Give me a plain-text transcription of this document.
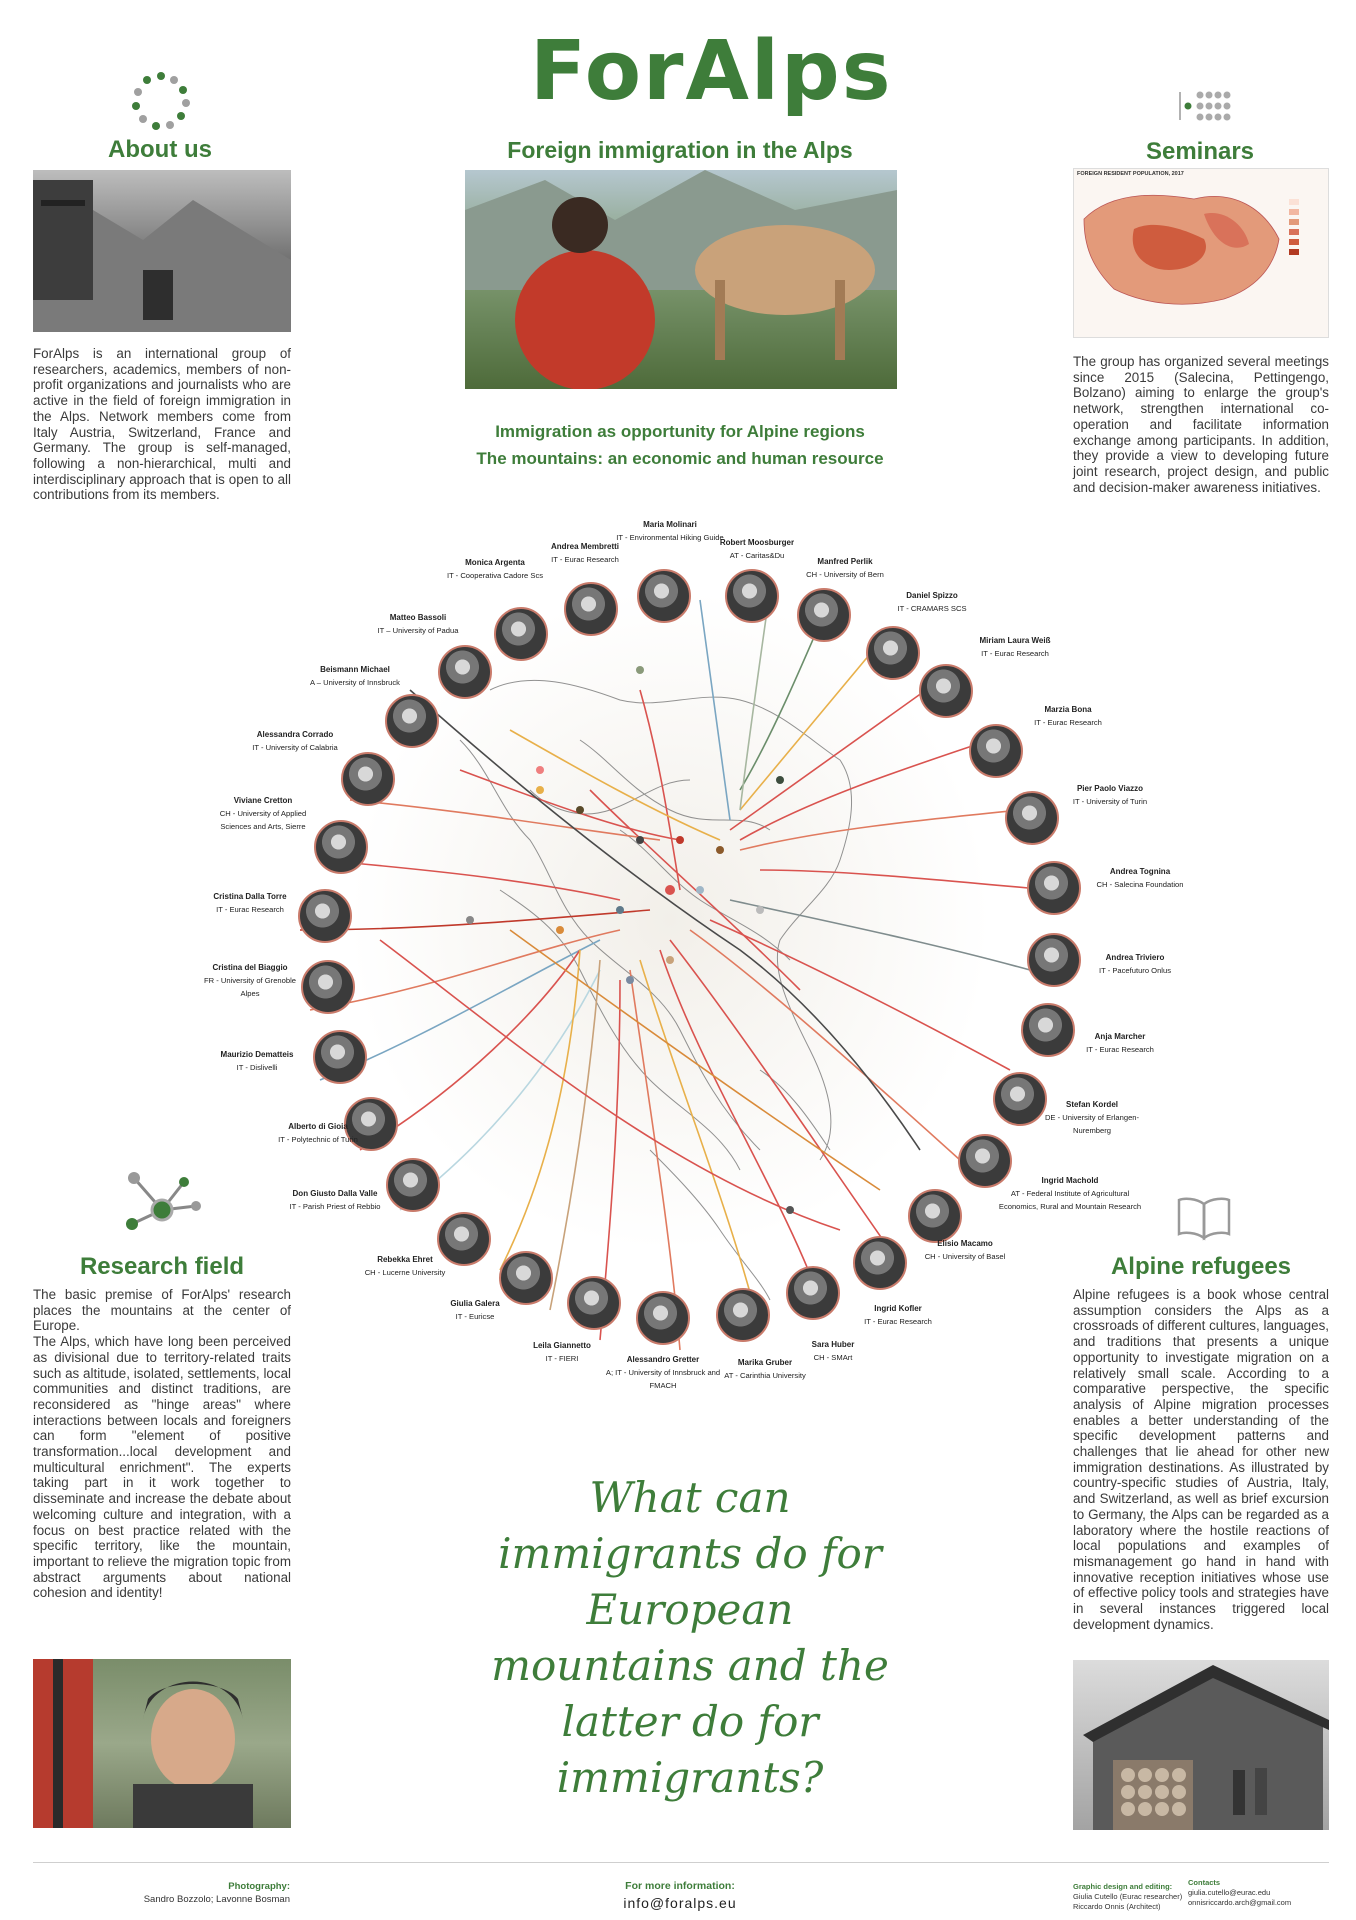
ForAlps
About us
ForAlps is an international group of researchers, academics, members of non-profit organizations and journalists who are active in the field of foreign immigration in the Alps. Network members come from Italy Austria, Switzerland, France and Germany. The group is self-managed, following a non-hierarchical, multi and interdisciplinary approach that is open to all contributions from its members.
Foreign immigration in the Alps
Immigration as opportunity for Alpine regions
The mountains: an economic and human resource
Seminars
FOREIGN RESIDENT POPULATION, 2017
The group has organized several meetings since 2015 (Salecina, Pettingengo, Bolzano) aiming to enlarge the group's network, strengthen international co-operation and facilitate information exchange among participants. In addition, they provide a view to developing future joint research, project design, and public and decision-maker awareness initiatives.
Maria Molinari
IT - Environmental Hiking Guide
Robert Moosburger
AT - Caritas&Du
Manfred Perlik
CH - University of Bern
Daniel Spizzo
IT - CRAMARS SCS
Miriam Laura Weiß
IT - Eurac Research
Marzia Bona
IT - Eurac Research
Pier Paolo Viazzo
IT - University of Turin
Andrea Tognina
CH - Salecina Foundation
Andrea Triviero
IT - Pacefuturo Onlus
Anja Marcher
IT - Eurac Research
Stefan Kordel
DE - University of Erlangen-Nuremberg
Ingrid Machold
AT - Federal Institute of Agricultural Economics, Rural and Mountain Research
Elisio Macamo
CH - University of Basel
Ingrid Kofler
IT - Eurac Research
Sara Huber
CH - SMArt
Marika Gruber
AT - Carinthia University
Alessandro Gretter
A; IT - University of Innsbruck and FMACH
Leila Giannetto
IT - FIERI
Giulia Galera
IT - Euricse
Rebekka Ehret
CH - Lucerne University
Don Giusto Dalla Valle
IT - Parish Priest of Rebbio
Alberto di Gioia
IT - Polytechnic of Turin
Maurizio Dematteis
IT - Dislivelli
Cristina del Biaggio
FR - University of Grenoble Alpes
Cristina Dalla Torre
IT - Eurac Research
Viviane Cretton
CH - University of Applied Sciences and Arts, Sierre
Alessandra Corrado
IT - University of Calabria
Beismann Michael
A – University of Innsbruck
Matteo Bassoli
IT – University of Padua
Monica Argenta
IT - Cooperativa Cadore Scs
Andrea Membretti
IT - Eurac Research
Research field
The basic premise of ForAlps' research places the mountains at the center of Europe.
The Alps, which have long been perceived as divisional due to territory-related traits such as altitude, isolated, settlements, local communities and distinct traditions, are reconsidered as "hinge areas" where interactions between locals and foreigners can form "element of positive transformation...local development and multicultural enrichment". The experts taking part in it work together to disseminate and increase the debate about welcoming culture and integration, with a focus on best practice related with the specific territory, like the mountain, important to relieve the migration topic from abstract arguments about national cohesion and identity!
Alpine refugees
Alpine refugees is a book whose central assumption considers the Alps as a crossroads of different cultures, languages, and traditions that presents a unique opportunity to investigate migration on a relatively small scale. According to a comparative perspective, the specific analysis of Alpine migration processes enables a better understanding of the specific development patterns and challenges that lie ahead for other new immigration destinations. As illustrated by country-specific studies of Austria, Italy, and Switzerland, as well as brief excursion to Germany, the Alps can be regarded as a laboratory where the hostile reactions of local populations and examples of mismanagement go hand in hand with innovative reception initiatives whose use of effective policy tools and strategies have in several instances triggered local development dynamics.
What can
immigrants do for
European
mountains and the
latter do for
immigrants?
Photography:
Sandro Bozzolo; Lavonne Bosman
For more information:
info@foralps.eu
Graphic design and editing:
Giulia Cutello (Eurac researcher)
Riccardo Onnis (Architect)
Contacts
giulia.cutello@eurac.edu
onnisriccardo.arch@gmail.com
